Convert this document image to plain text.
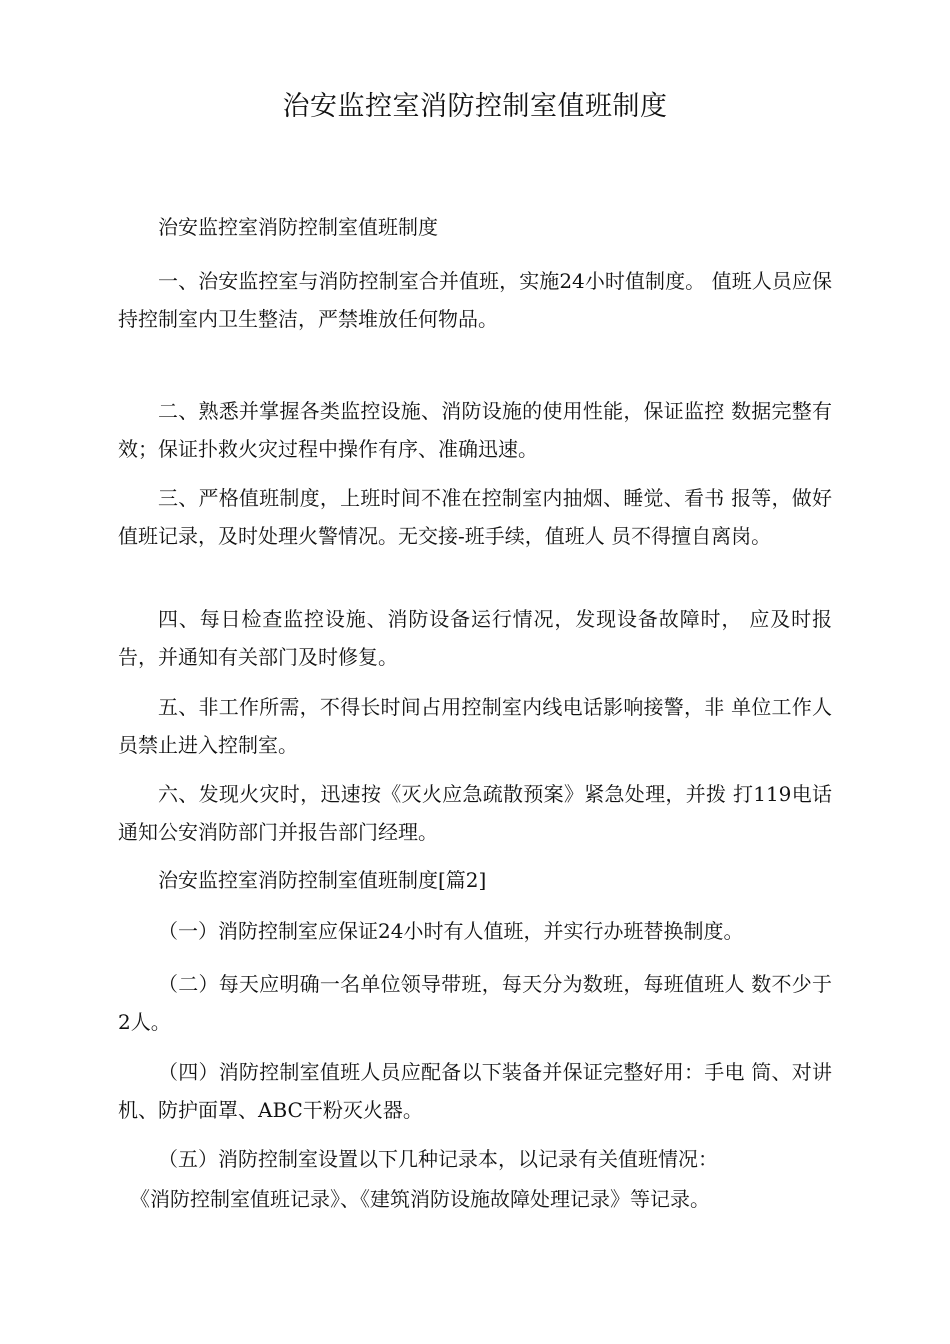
治安监控室消防控制室值班制度

治安监控室消防控制室值班制度

一、治安监控室与消防控制室合并值班，实施24小时值制度。 值班人员应保持控制室内卫生整洁，严禁堆放任何物品。

二、熟悉并掌握各类监控设施、消防设施的使用性能，保证监控 数据完整有效；保证扑救火灾过程中操作有序、准确迅速。

三、严格值班制度，上班时间不准在控制室内抽烟、睡觉、看书 报等，做好值班记录，及时处理火警情况。无交接-班手续，值班人 员不得擅自离岗。

四、每日检查监控设施、消防设备运行情况，发现设备故障时， 应及时报告，并通知有关部门及时修复。

五、非工作所需，不得长时间占用控制室内线电话影响接警，非 单位工作人员禁止进入控制室。

六、发现火灾时，迅速按《灭火应急疏散预案》紧急处理，并拨 打119电话通知公安消防部门并报告部门经理。

治安监控室消防控制室值班制度[篇2]

（一）消防控制室应保证24小时有人值班，并实行办班替换制度。

（二）每天应明确一名单位领导带班，每天分为数班，每班值班人 数不少于2人。

（四）消防控制室值班人员应配备以下装备并保证完整好用：手电 筒、对讲机、防护面罩、ABC干粉灭火器。

（五）消防控制室设置以下几种记录本，以记录有关值班情况：

《消防控制室值班记录》、《建筑消防设施故障处理记录》等记录。
